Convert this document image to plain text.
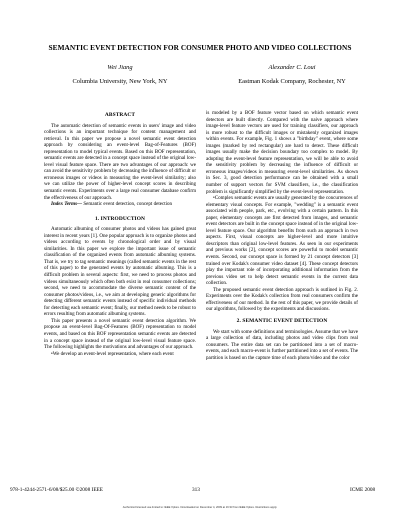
SEMANTIC EVENT DETECTION FOR CONSUMER PHOTO AND VIDEO COLLECTIONS
Wei Jiang
Columbia University, New York, NY
Alexander C. Loui
Eastman Kodak Company, Rochester, NY
ABSTRACT

The automatic detection of semantic events in users' image and video collections is an important technique for content management and retrieval. In this paper we propose a novel semantic event detection approach by considering an event-level Bag-of-Features (BOF) representation to model typical events. Based on this BOF representation, semantic events are detected in a concept space instead of the original low-level visual feature space. There are two advantages of our approach: we can avoid the sensitivity problem by decreasing the influence of difficult or erroneous images or videos in measuring the event-level similarity; also we can utilize the power of higher-level concept scores in describing semantic events. Experiments over a large real consumer database confirm the effectiveness of our approach.

Index Terms— Semantic event detection, concept detection

1. INTRODUCTION

Automatic albuming of consumer photos and videos has gained great interest in recent years [1]. One popular approach is to organize photos and videos according to events by chronological order and by visual similarities. In this paper we explore the important issue of semantic classification of the organized events from automatic albuming systems. That is, we try to tag semantic meanings (called semantic events in the rest of this paper) to the generated events by automatic albuming. This is a difficult problem in several aspects: first, we need to process photos and videos simultaneously which often both exist in real consumer collections; second, we need to accommodate the diverse semantic content of the consumer photos/videos, i.e., we aim at developing generic algorithms for detecting different semantic events instead of specific individual methods for detecting each semantic event; finally, our method needs to be robust to errors resulting from automatic albuming systems.

This paper presents a novel semantic event detection algorithm. We propose an event-level Bag-Of-Features (BOF) representation to model events, and based on this BOF representation semantic events are detected in a concept space instead of the original low-level visual feature space. The following highlights the motivations and advantages of our approach.

•We develop an event-level representation, where each event

is modeled by a BOF feature vector based on which semantic event detectors are built directly. Compared with the naive approach where image-level feature vectors are used for training classifiers, our approach is more robust to the difficult images or mistakenly organized images within events. For example, Fig. 1 shows a "birthday" event, where some images (marked by red rectangular) are hard to detect. These difficult images usually make the decision boundary too complex to model. By adopting the event-level feature representation, we will be able to avoid the sensitivity problem by decreasing the influence of difficult or erroneous images/videos in measuring event-level similarities. As shown in Sec. 3, good detection performance can be obtained with a small number of support vectors for SVM classifiers, i.e., the classification problem is significantly simplified by the event-level representation.

•Complex semantic events are usually generated by the concurrences of elementary visual concepts. For example, "wedding" is a semantic event associated with people, park, etc., evolving with a certain pattern. In this paper, elementary concepts are first detected from images, and semantic event detectors are built in the concept space instead of in the original low-level feature space. Our algorithm benefits from such an approach in two aspects. First, visual concepts are higher-level and more intuitive descriptors than original low-level features. As seen in our experiments and previous works [2], concept scores are powerful to model semantic events. Second, our concept space is formed by 21 concept detectors [3] trained over Kodak's consumer video dataset [4]. These concept detectors play the important role of incorporating additional information from the previous video set to help detect semantic events in the current data collection.

The proposed semantic event detection approach is outlined in Fig. 2. Experiments over the Kodak's collection from real consumers confirm the effectiveness of our method. In the rest of this paper, we provide details of our algorithms, followed by the experiments and discussions.

2. SEMANTIC EVENT DETECTION

We start with some definitions and terminologies. Assume that we have a large collection of data, including photos and video clips from real consumers. The entire data set can be partitioned into a set of macro-events, and each macro-event is further partitioned into a set of events. The partition is based on the capture time of each photo/video and the color

978-1-4244-2571-6/08/$25.00 ©2008 IEEE	313	ICME 2008
Authorized licensed use limited to: IEEE Xplore. Downloaded on December 4, 2009 at 16:33 from IEEE Xplore. Restrictions apply.
